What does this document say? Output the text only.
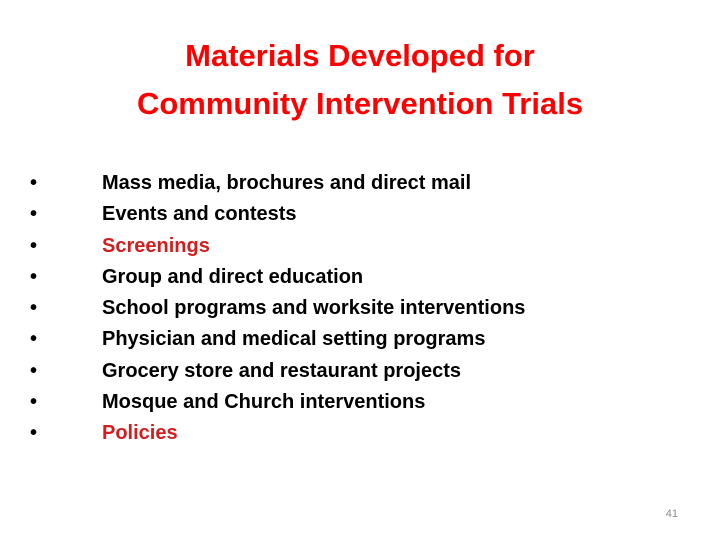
Materials Developed for
Community Intervention Trials
•	Mass media, brochures and direct mail
•	Events and contests
•	Screenings
•	Group and direct education
•	School programs and worksite interventions
•	Physician and medical setting programs
•	Grocery store and restaurant projects
•	Mosque and Church interventions
•	Policies
41
